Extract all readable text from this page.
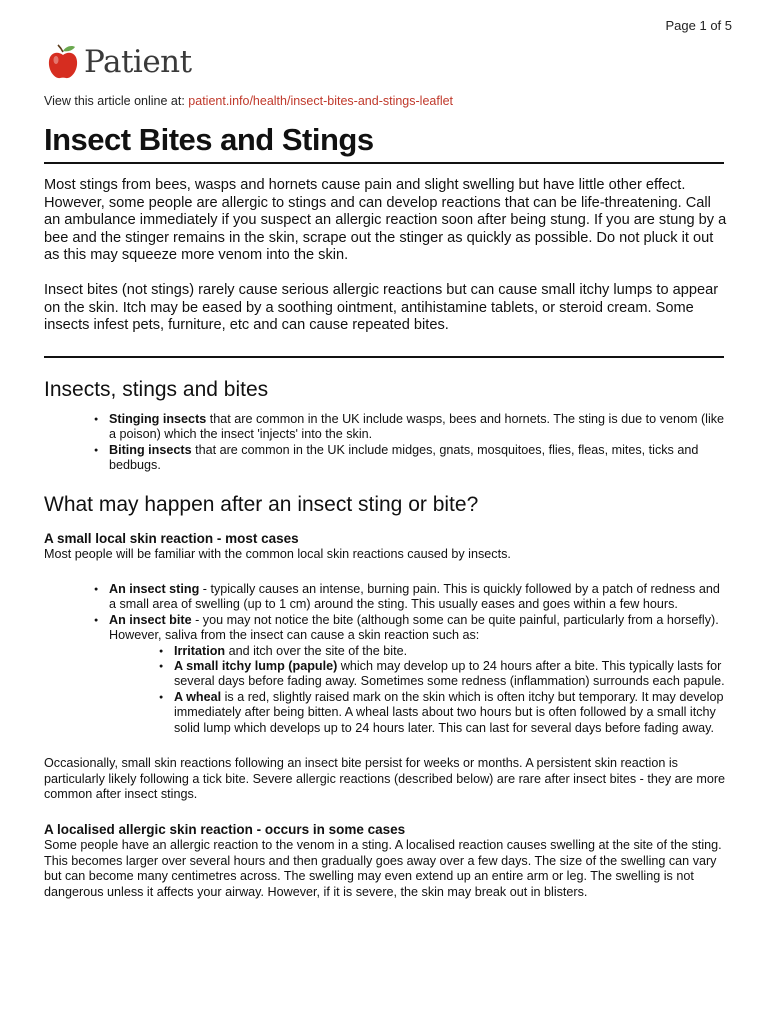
Page 1 of 5
Patient
View this article online at: patient.info/health/insect-bites-and-stings-leaflet
Insect Bites and Stings

Most stings from bees, wasps and hornets cause pain and slight swelling but have little other effect. However, some people are allergic to stings and can develop reactions that can be life-threatening. Call an ambulance immediately if you suspect an allergic reaction soon after being stung. If you are stung by a bee and the stinger remains in the skin, scrape out the stinger as quickly as possible. Do not pluck it out as this may squeeze more venom into the skin.

Insect bites (not stings) rarely cause serious allergic reactions but can cause small itchy lumps to appear on the skin. Itch may be eased by a soothing ointment, antihistamine tablets, or steroid cream. Some insects infest pets, furniture, etc and can cause repeated bites.

Insects, stings and bites
● Stinging insects that are common in the UK include wasps, bees and hornets. The sting is due to venom (like a poison) which the insect 'injects' into the skin.
● Biting insects that are common in the UK include midges, gnats, mosquitoes, flies, fleas, mites, ticks and bedbugs.
What may happen after an insect sting or bite?
A small local skin reaction - most cases
Most people will be familiar with the common local skin reactions caused by insects.
● An insect sting - typically causes an intense, burning pain. This is quickly followed by a patch of redness and a small area of swelling (up to 1 cm) around the sting. This usually eases and goes within a few hours.
● An insect bite - you may not notice the bite (although some can be quite painful, particularly from a horsefly). However, saliva from the insect can cause a skin reaction such as:
● Irritation and itch over the site of the bite.
● A small itchy lump (papule) which may develop up to 24 hours after a bite. This typically lasts for several days before fading away. Sometimes some redness (inflammation) surrounds each papule.
● A wheal is a red, slightly raised mark on the skin which is often itchy but temporary. It may develop immediately after being bitten. A wheal lasts about two hours but is often followed by a small itchy solid lump which develops up to 24 hours later. This can last for several days before fading away.
Occasionally, small skin reactions following an insect bite persist for weeks or months. A persistent skin reaction is particularly likely following a tick bite. Severe allergic reactions (described below) are rare after insect bites - they are more common after insect stings.
A localised allergic skin reaction - occurs in some cases
Some people have an allergic reaction to the venom in a sting. A localised reaction causes swelling at the site of the sting. This becomes larger over several hours and then gradually goes away over a few days. The size of the swelling can vary but can become many centimetres across. The swelling may even extend up an entire arm or leg. The swelling is not dangerous unless it affects your airway. However, if it is severe, the skin may break out in blisters.
